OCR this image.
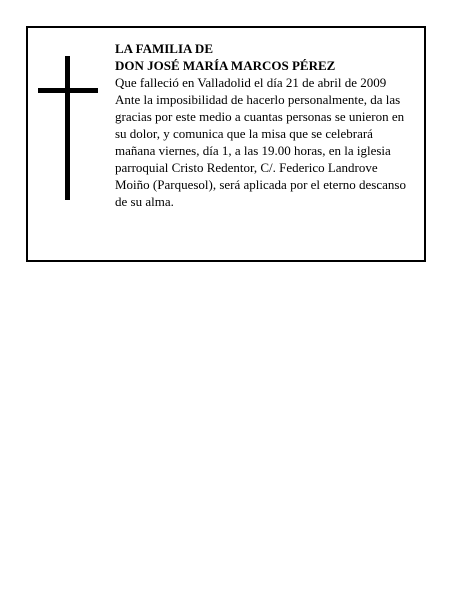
LA FAMILIA DE
DON JOSÉ MARÍA MARCOS PÉREZ
Que falleció en Valladolid el día 21 de abril de 2009
Ante la imposibilidad de hacerlo personalmente, da las
gracias por este medio a cuantas personas se unieron en
su dolor, y comunica que la misa que se celebrará
mañana viernes, día 1, a las 19.00 horas, en la iglesia
parroquial Cristo Redentor, C/. Federico Landrove
Moiño (Parquesol), será aplicada por el eterno descanso
de su alma.
